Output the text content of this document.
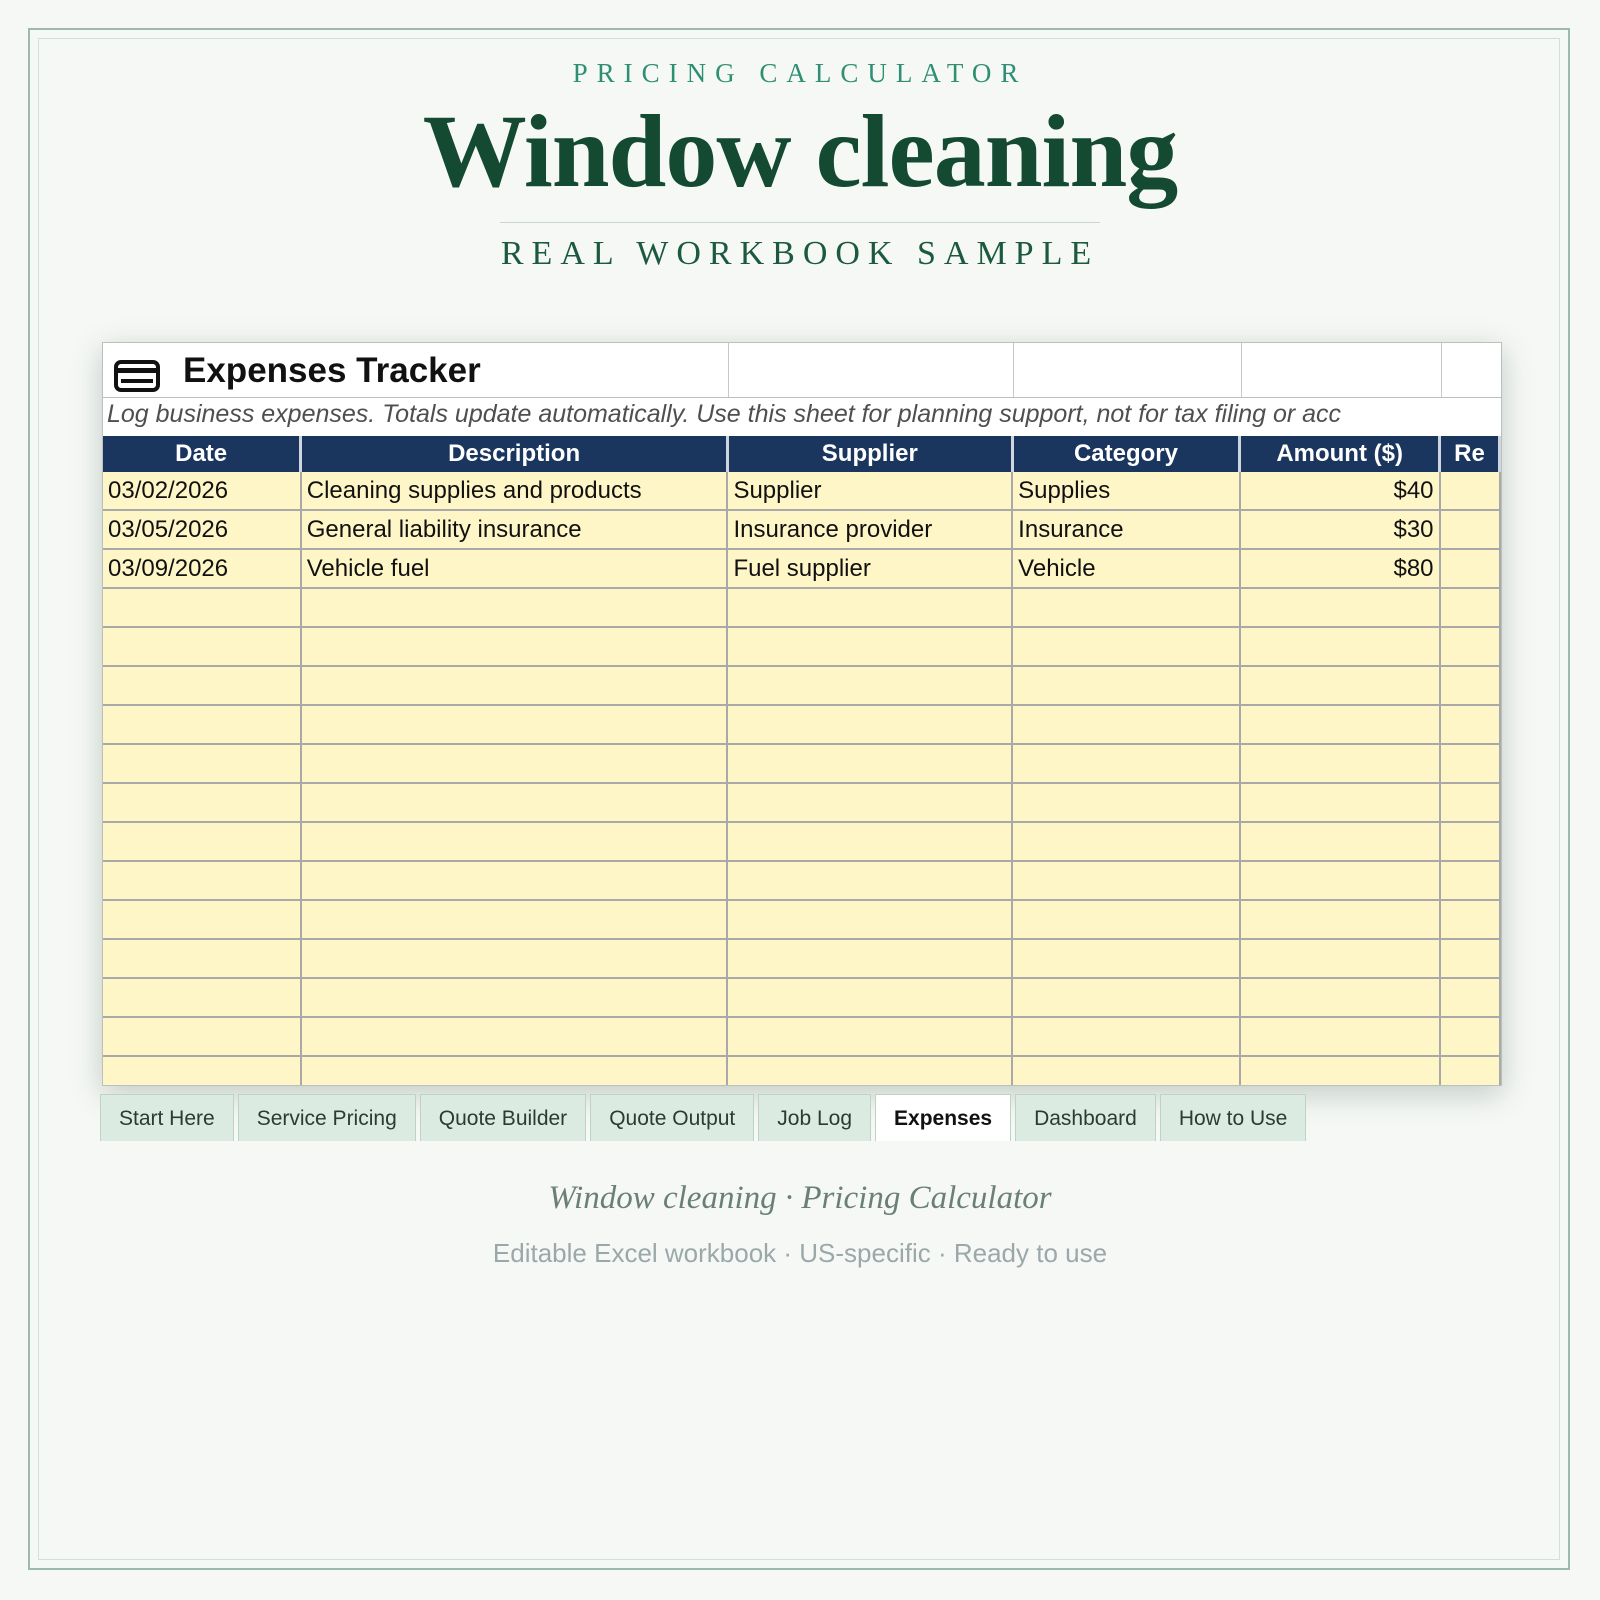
PRICING CALCULATOR
Window cleaning
REAL WORKBOOK SAMPLE
Expenses Tracker
Log business expenses. Totals update automatically. Use this sheet for planning support, not for tax filing or acc
Date	Description	Supplier	Category	Amount ($)	Re
03/02/2026	Cleaning supplies and products	Supplier	Supplies	$40	
03/05/2026	General liability insurance	Insurance provider	Insurance	$30	
03/09/2026	Vehicle fuel	Fuel supplier	Vehicle	$80	

Start Here	Service Pricing	Quote Builder	Quote Output	Job Log	Expenses	Dashboard	How to Use
Window cleaning · Pricing Calculator
Editable Excel workbook · US-specific · Ready to use
